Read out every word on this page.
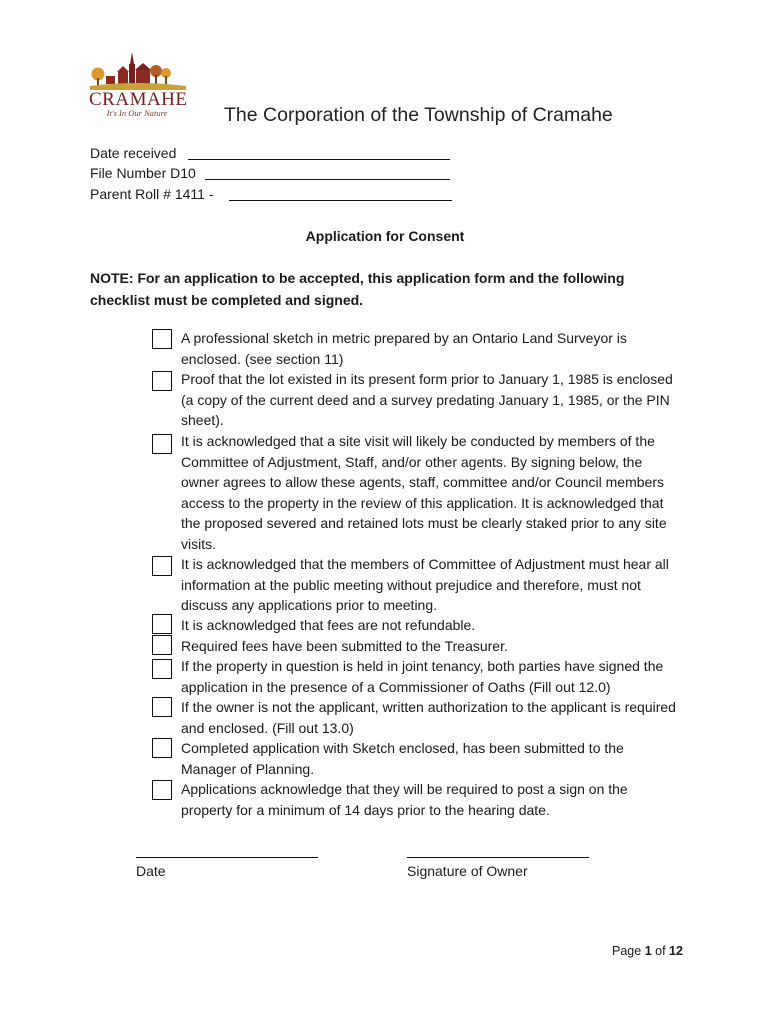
CRAMAHE
It's In Our Nature	The Corporation of the Township of Cramahe
Date received
File Number D10
Parent Roll # 1411 -
Application for Consent
NOTE: For an application to be accepted, this application form and the following checklist must be completed and signed.
A professional sketch in metric prepared by an Ontario Land Surveyor is enclosed. (see section 11)
Proof that the lot existed in its present form prior to January 1, 1985 is enclosed (a copy of the current deed and a survey predating January 1, 1985, or the PIN sheet).
It is acknowledged that a site visit will likely be conducted by members of the Committee of Adjustment, Staff, and/or other agents. By signing below, the owner agrees to allow these agents, staff, committee and/or Council members access to the property in the review of this application. It is acknowledged that the proposed severed and retained lots must be clearly staked prior to any site visits.
It is acknowledged that the members of Committee of Adjustment must hear all information at the public meeting without prejudice and therefore, must not discuss any applications prior to meeting.
It is acknowledged that fees are not refundable.
Required fees have been submitted to the Treasurer.
If the property in question is held in joint tenancy, both parties have signed the application in the presence of a Commissioner of Oaths (Fill out 12.0)
If the owner is not the applicant, written authorization to the applicant is required and enclosed. (Fill out 13.0)
Completed application with Sketch enclosed, has been submitted to the Manager of Planning.
Applications acknowledge that they will be required to post a sign on the property for a minimum of 14 days prior to the hearing date.
Date	Signature of Owner
Page 1 of 12
